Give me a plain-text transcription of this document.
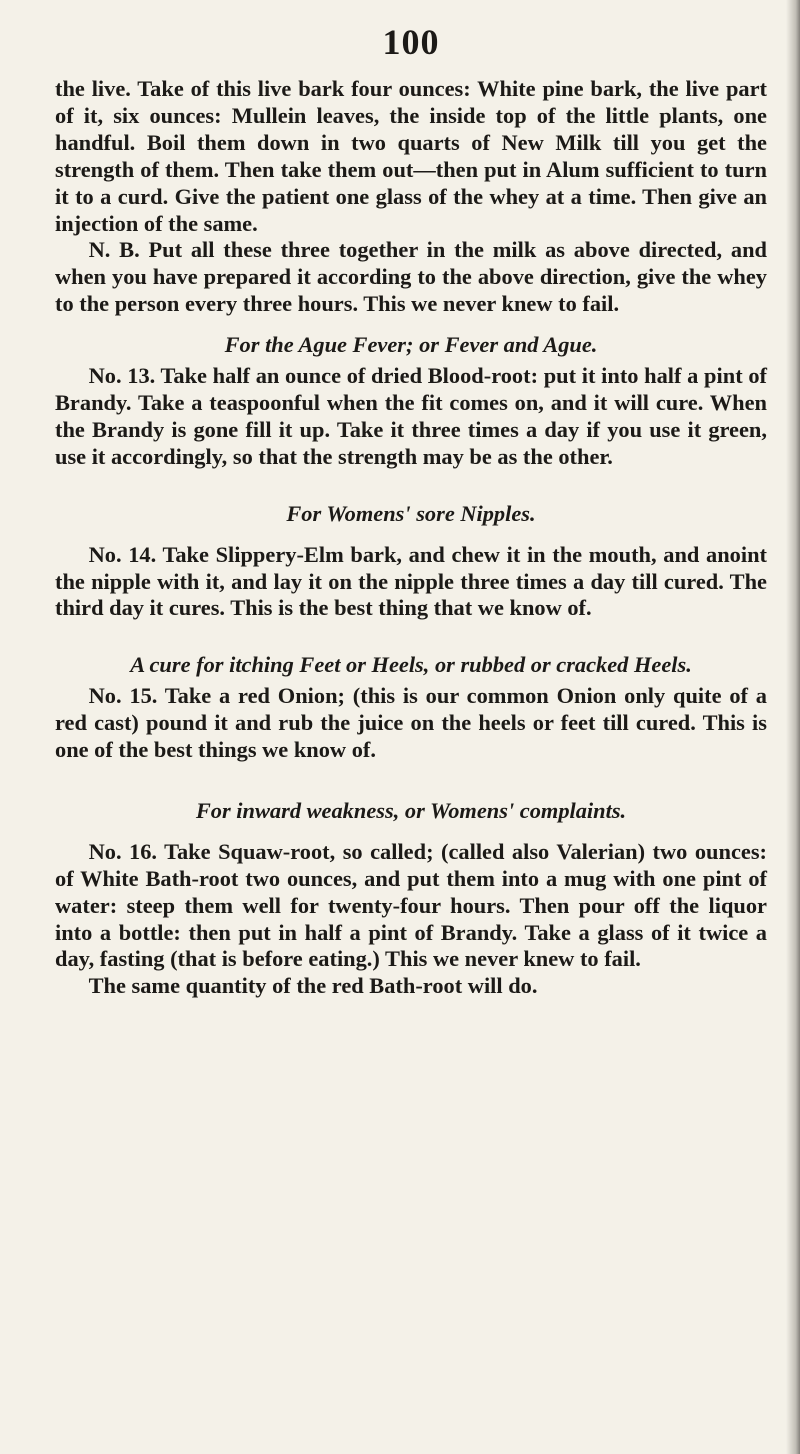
100

the live. Take of this live bark four ounces: White pine bark, the live part of it, six ounces: Mullein leaves, the inside top of the little plants, one handful. Boil them down in two quarts of New Milk till you get the strength of them. Then take them out—then put in Alum sufficient to turn it to a curd. Give the patient one glass of the whey at a time. Then give an injection of the same.

N. B. Put all these three together in the milk as above directed, and when you have prepared it according to the above direction, give the whey to the person every three hours. This we never knew to fail.

For the Ague Fever; or Fever and Ague.

No. 13. Take half an ounce of dried Blood-root: put it into half a pint of Brandy. Take a teaspoonful when the fit comes on, and it will cure. When the Brandy is gone fill it up. Take it three times a day if you use it green, use it accordingly, so that the strength may be as the other.

For Womens' sore Nipples.

No. 14. Take Slippery-Elm bark, and chew it in the mouth, and anoint the nipple with it, and lay it on the nipple three times a day till cured. The third day it cures. This is the best thing that we know of.

A cure for itching Feet or Heels, or rubbed or cracked Heels.

No. 15. Take a red Onion; (this is our common Onion only quite of a red cast) pound it and rub the juice on the heels or feet till cured. This is one of the best things we know of.

For inward weakness, or Womens' complaints.

No. 16. Take Squaw-root, so called; (called also Valerian) two ounces: of White Bath-root two ounces, and put them into a mug with one pint of water: steep them well for twenty-four hours. Then pour off the liquor into a bottle: then put in half a pint of Brandy. Take a glass of it twice a day, fasting (that is before eating.) This we never knew to fail.

The same quantity of the red Bath-root will do.
